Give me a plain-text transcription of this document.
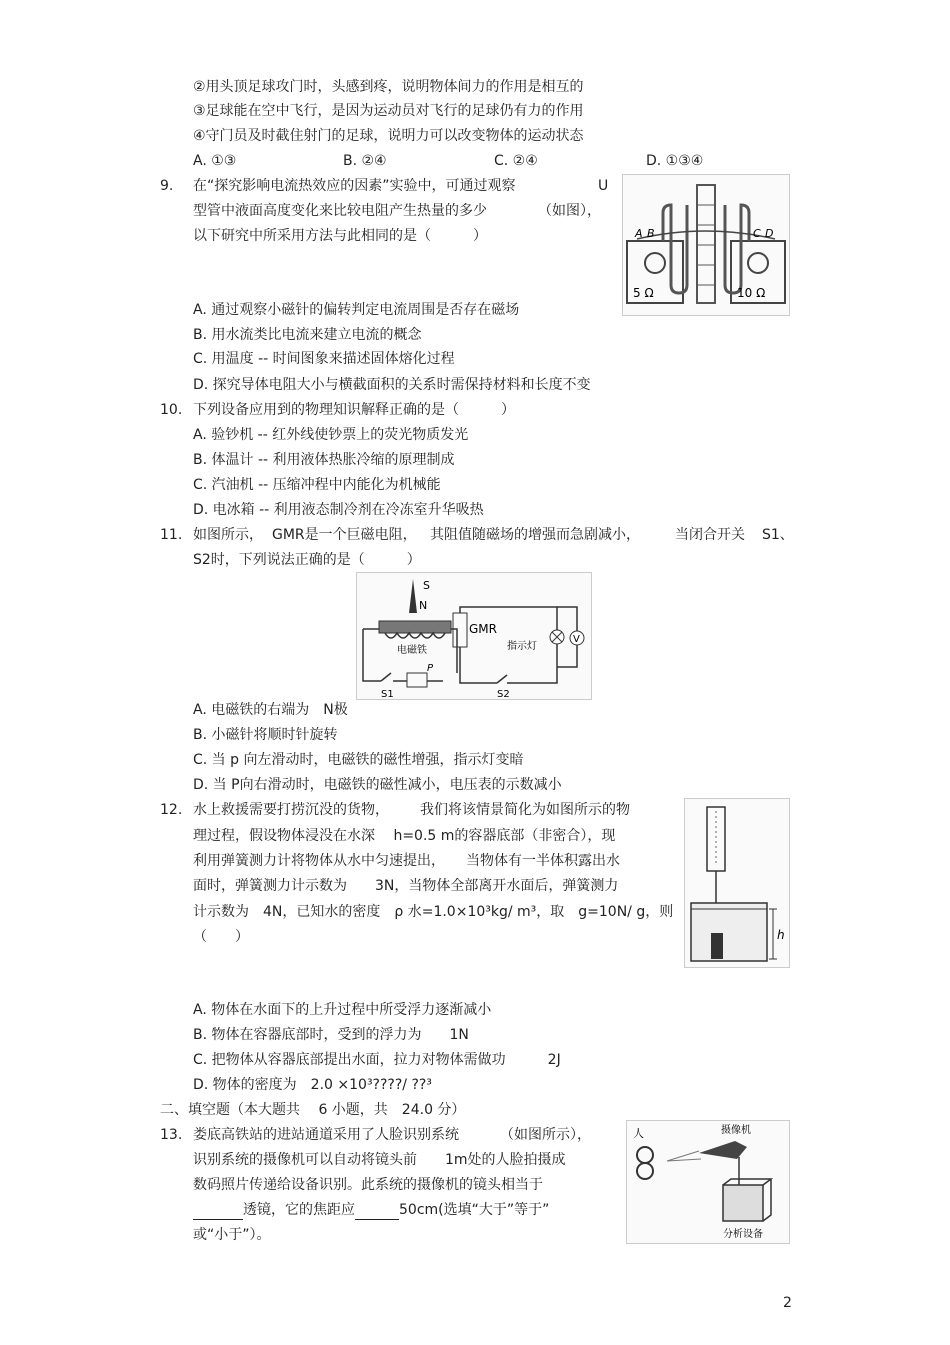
②用头顶足球攻门时，头感到疼，说明物体间力的作用是相互的
③足球能在空中飞行，是因为运动员对飞行的足球仍有力的作用
④守门员及时截住射门的足球，说明力可以改变物体的运动状态
A. ①③	B. ②④	C. ②④	D. ①③④
9. 在“探究影响电流热效应的因素”实验中，可通过观察	U
型管中液面高度变化来比较电阻产生热量的多少	（如图），
以下研究中所采用方法与此相同的是（　　　）	A B	C D
5 Ω	10 Ω
A. 通过观察小磁针的偏转判定电流周围是否存在磁场
B. 用水流类比电流来建立电流的概念
C. 用温度 -- 时间图象来描述固体熔化过程
D. 探究导体电阻大小与横截面积的关系时需保持材料和长度不变
10. 下列设备应用到的物理知识解释正确的是（　　　）
A. 验钞机 -- 红外线使钞票上的荧光物质发光
B. 体温计 -- 利用液体热胀冷缩的原理制成
C. 汽油机 -- 压缩冲程中内能化为机械能
D. 电冰箱 -- 利用液态制冷剂在冷冻室升华吸热
11. 如图所示， GMR是一个巨磁电阻， 其阻值随磁场的增强而急剧减小，	当闭合开关 S1、
S2时，下列说法正确的是（　　　）
S
N
电磁铁
P
S1
GMR
S2
指示灯
V
A. 电磁铁的右端为　N极
B. 小磁针将顺时针旋转
C. 当 p 向左滑动时，电磁铁的磁性增强，指示灯变暗
D. 当 P向右滑动时，电磁铁的磁性减小，电压表的示数减小
12. 水上救援需要打捞沉没的货物， 我们将该情景简化为如图所示的物
理过程，假设物体浸没在水深　 h=0.5 m的容器底部（非密合），现
利用弹簧测力计将物体从水中匀速提出，　　当物体有一半体积露出水
面时，弹簧测力计示数为　　3N，当物体全部离开水面后，弹簧测力
计示数为　4N，已知水的密度　ρ 水=1.0×10³kg/ m³，取　g=10N/ g，则
（　　）	h
A. 物体在水面下的上升过程中所受浮力逐渐减小
B. 物体在容器底部时，受到的浮力为　　1N
C. 把物体从容器底部提出水面，拉力对物体需做功　　　2J
D. 物体的密度为　2.0 ×10³????/ ??³
二、填空题（本大题共　 6 小题，共　24.0 分）
13. 娄底高铁站的进站通道采用了人脸识别系统	（如图所示），
识别系统的摄像机可以自动将镜头前　　1m处的人脸拍摄成
数码照片传递给设备识别。此系统的摄像机的镜头相当于
透镜，它的焦距应	50cm(选填“大于”等于”
或“小于”）。
人	摄像机
分析设备
2
